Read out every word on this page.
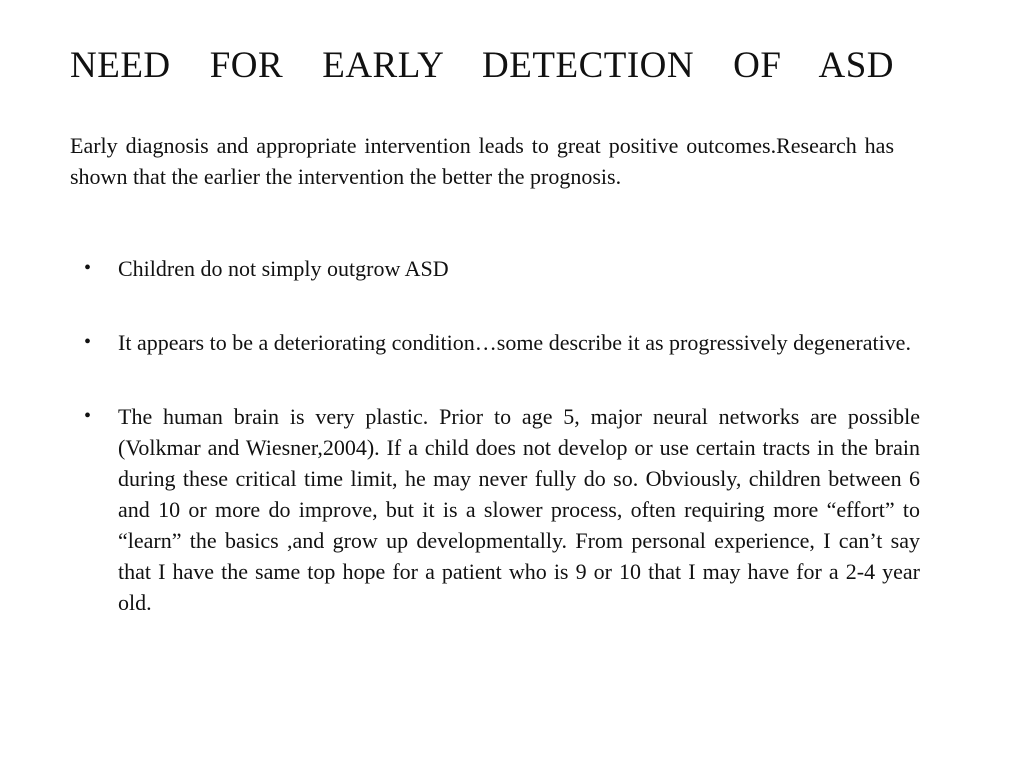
NEED FOR EARLY DETECTION OF ASD

Early diagnosis and appropriate intervention leads to great positive outcomes.Research has shown that the earlier the intervention the better the prognosis.

•	Children do not simply outgrow ASD
•	It appears to be a deteriorating condition…some describe it as progressively degenerative.
•	The human brain is very plastic. Prior to age 5, major neural networks are possible (Volkmar and Wiesner,2004). If a child does not develop or use certain tracts in the brain during these critical time limit, he may never fully do so. Obviously, children between 6 and 10 or more do improve, but it is a slower process, often requiring more “effort” to “learn” the basics ,and grow up developmentally. From personal experience, I can’t say that I have the same top hope for a patient who is 9 or 10 that I may have for a 2-4 year old.
